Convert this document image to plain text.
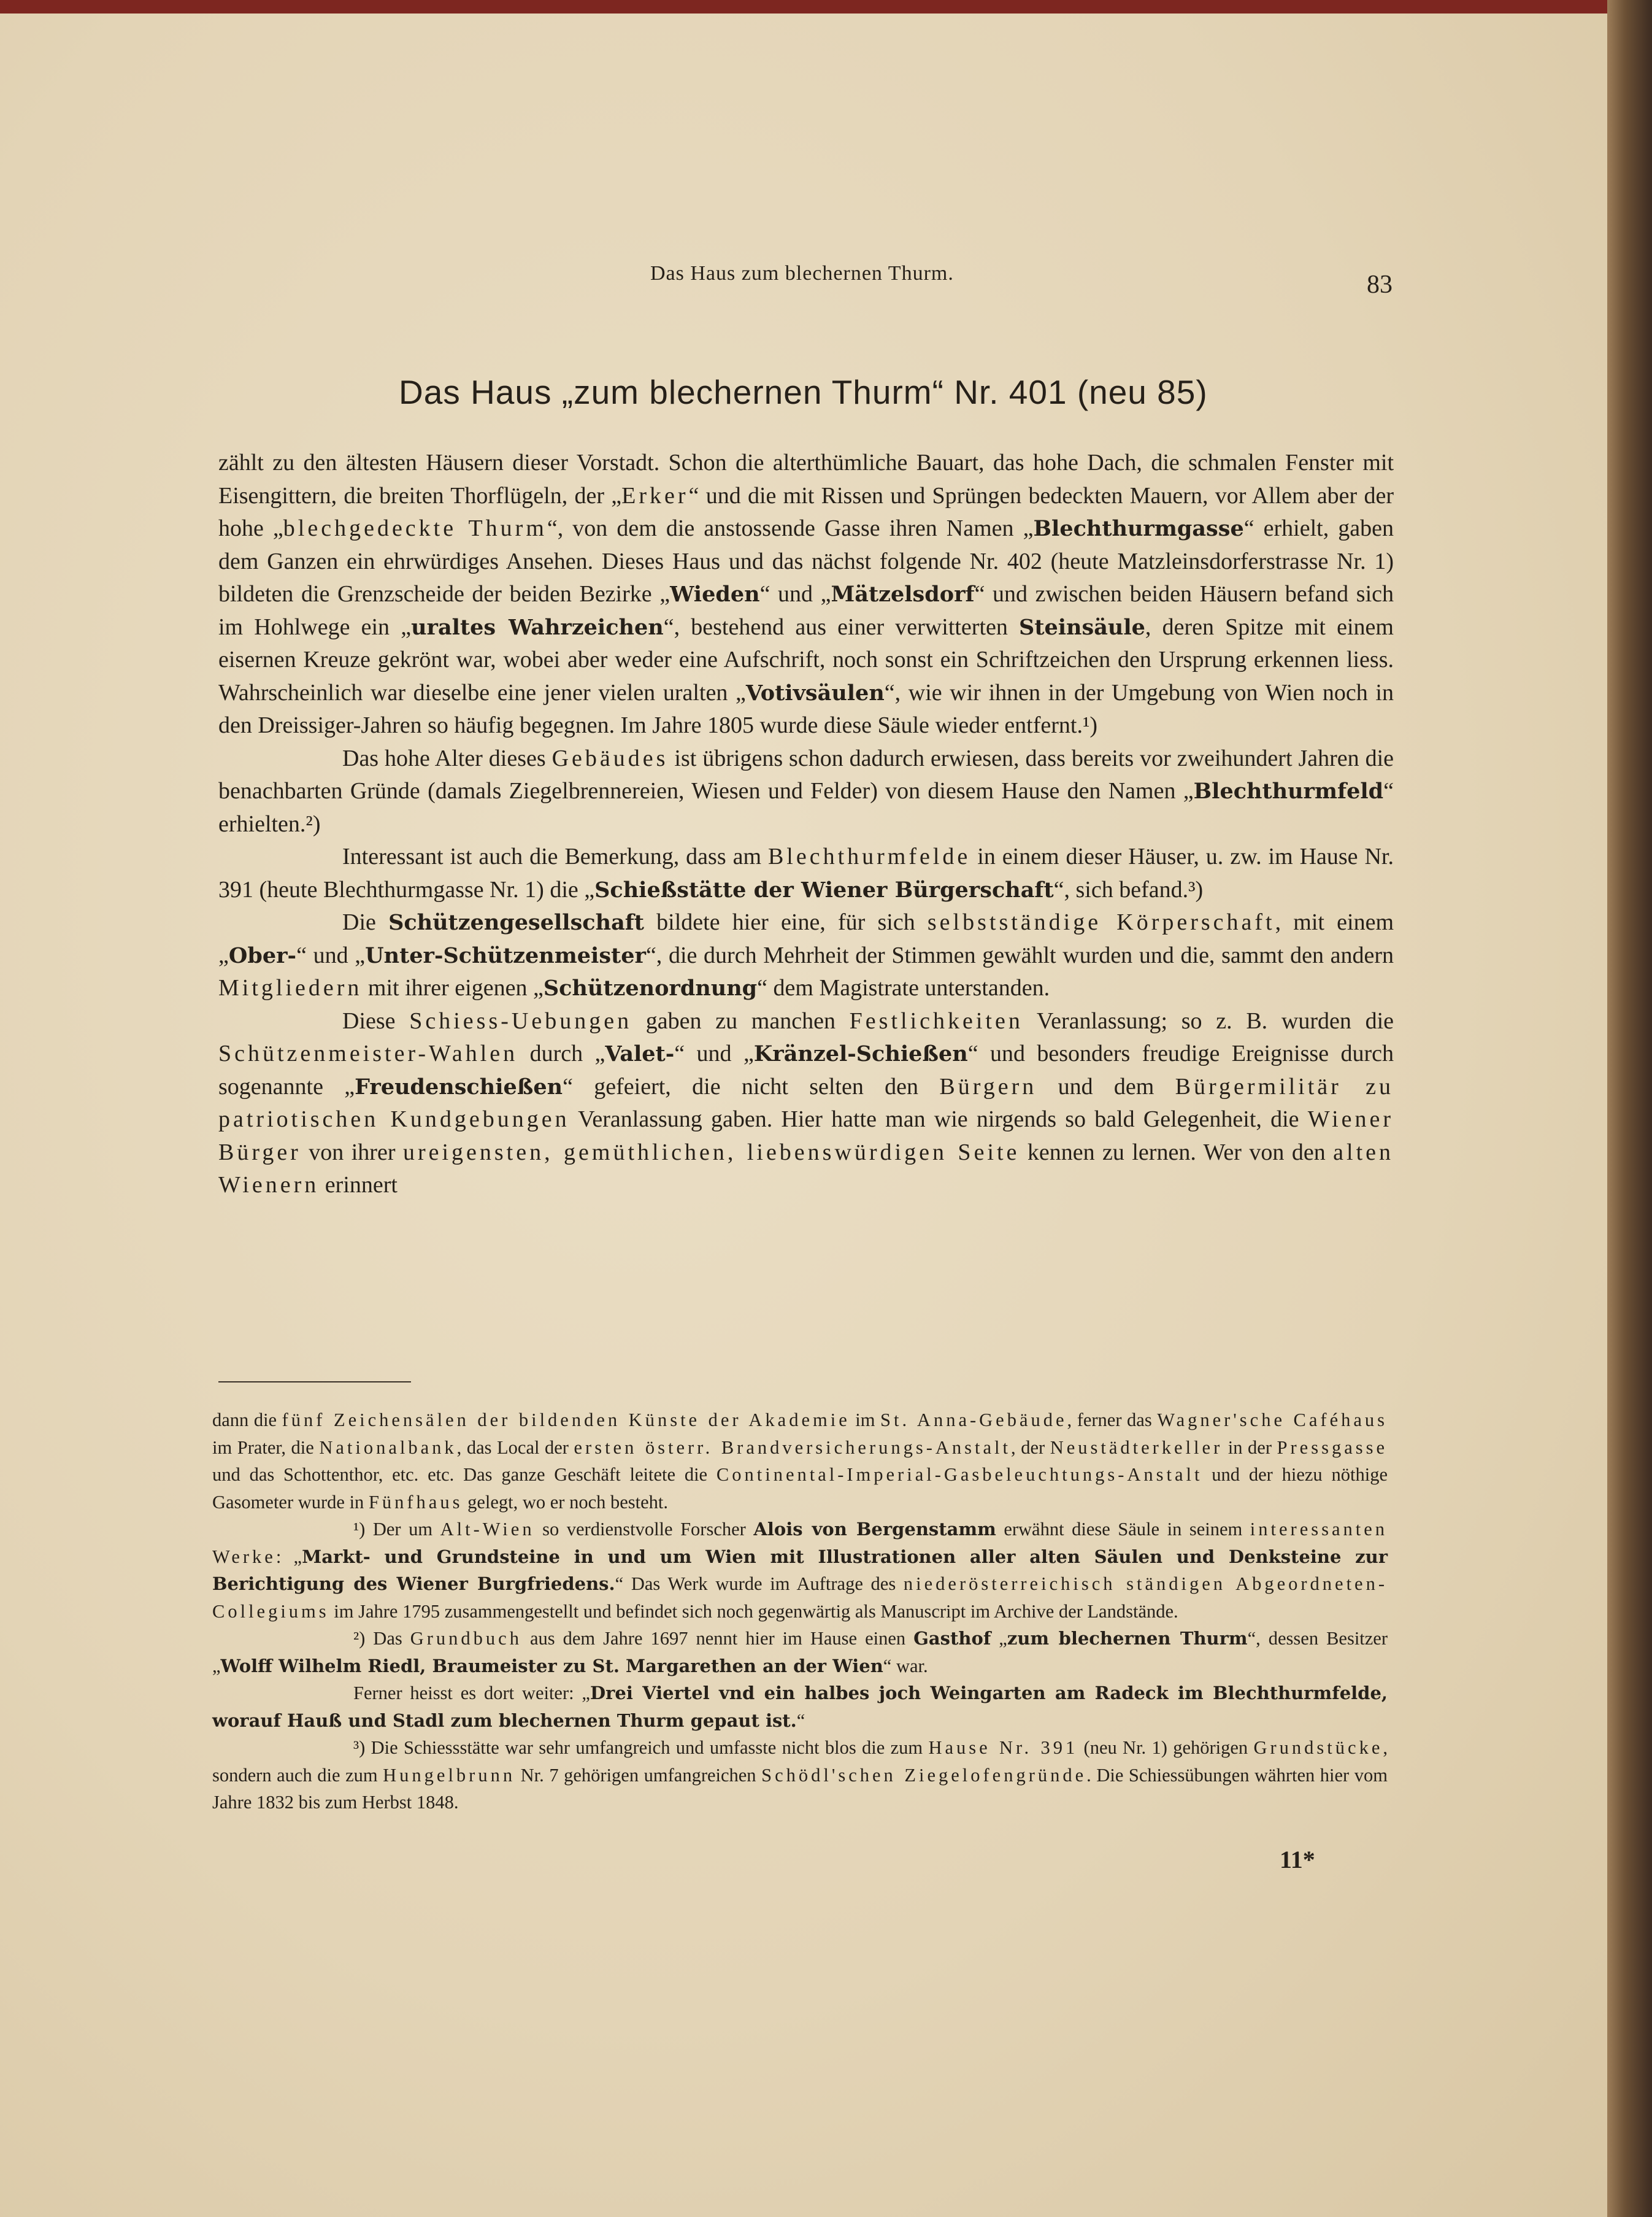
Das Haus zum blechernen Thurm.	83
Das Haus „zum blechernen Thurm“ Nr. 401 (neu 85)

zählt zu den ältesten Häusern dieser Vorstadt. Schon die alterthümliche Bauart, das hohe Dach, die schmalen Fenster mit Eisengittern, die breiten Thorflügeln, der „Erker“ und die mit Rissen und Sprüngen bedeckten Mauern, vor Allem aber der hohe „blechgedeckte Thurm“, von dem die anstossende Gasse ihren Namen „Blechthurmgasse“ erhielt, gaben dem Ganzen ein ehrwürdiges Ansehen. Dieses Haus und das nächst folgende Nr. 402 (heute Matzleinsdorferstrasse Nr. 1) bildeten die Grenzscheide der beiden Bezirke „Wieden“ und „Mätzelsdorf“ und zwischen beiden Häusern befand sich im Hohlwege ein „uraltes Wahrzeichen“, bestehend aus einer verwitterten Steinsäule, deren Spitze mit einem eisernen Kreuze gekrönt war, wobei aber weder eine Aufschrift, noch sonst ein Schriftzeichen den Ursprung erkennen liess. Wahrscheinlich war dieselbe eine jener vielen uralten „Votivsäulen“, wie wir ihnen in der Umgebung von Wien noch in den Dreissiger-Jahren so häufig begegnen. Im Jahre 1805 wurde diese Säule wieder entfernt.¹)

Das hohe Alter dieses Gebäudes ist übrigens schon dadurch erwiesen, dass bereits vor zweihundert Jahren die benachbarten Gründe (damals Ziegelbrennereien, Wiesen und Felder) von diesem Hause den Namen „Blechthurmfeld“ erhielten.²)

Interessant ist auch die Bemerkung, dass am Blechthurmfelde in einem dieser Häuser, u. zw. im Hause Nr. 391 (heute Blechthurmgasse Nr. 1) die „Schießstätte der Wiener Bürgerschaft“, sich befand.³)

Die Schützengesellschaft bildete hier eine, für sich selbstständige Körperschaft, mit einem „Ober-“ und „Unter-Schützenmeister“, die durch Mehrheit der Stimmen gewählt wurden und die, sammt den andern Mitgliedern mit ihrer eigenen „Schützenordnung“ dem Magistrate unterstanden.

Diese Schiess-Uebungen gaben zu manchen Festlichkeiten Veranlassung; so z. B. wurden die Schützenmeister-Wahlen durch „Valet-“ und „Kränzel-Schießen“ und besonders freudige Ereignisse durch sogenannte „Freudenschießen“ gefeiert, die nicht selten den Bürgern und dem Bürgermilitär zu patriotischen Kundgebungen Veranlassung gaben. Hier hatte man wie nirgends so bald Gelegenheit, die Wiener Bürger von ihrer ureigensten, gemüthlichen, liebenswürdigen Seite kennen zu lernen. Wer von den alten Wienern erinnert

dann die fünf Zeichensälen der bildenden Künste der Akademie im St. Anna-Gebäude, ferner das Wagner'sche Caféhaus im Prater, die Nationalbank, das Local der ersten österr. Brandversicherungs-Anstalt, der Neustädterkeller in der Pressgasse und das Schottenthor, etc. etc. Das ganze Geschäft leitete die Continental-Imperial-Gasbeleuchtungs-Anstalt und der hiezu nöthige Gasometer wurde in Fünfhaus gelegt, wo er noch besteht.

¹) Der um Alt-Wien so verdienstvolle Forscher Alois von Bergenstamm erwähnt diese Säule in seinem interessanten Werke: „Markt- und Grundsteine in und um Wien mit Illustrationen aller alten Säulen und Denksteine zur Berichtigung des Wiener Burgfriedens.“ Das Werk wurde im Auftrage des niederösterreichisch ständigen Abgeordneten-Collegiums im Jahre 1795 zusammengestellt und befindet sich noch gegenwärtig als Manuscript im Archive der Landstände.

²) Das Grundbuch aus dem Jahre 1697 nennt hier im Hause einen Gasthof „zum blechernen Thurm“, dessen Besitzer „Wolff Wilhelm Riedl, Braumeister zu St. Margarethen an der Wien“ war.

Ferner heisst es dort weiter: „Drei Viertel vnd ein halbes joch Weingarten am Radeck im Blechthurmfelde, worauf Hauß und Stadl zum blechernen Thurm gepaut ist.“

³) Die Schiessstätte war sehr umfangreich und umfasste nicht blos die zum Hause Nr. 391 (neu Nr. 1) gehörigen Grundstücke, sondern auch die zum Hungelbrunn Nr. 7 gehörigen umfangreichen Schödl'schen Ziegelofengründe. Die Schiessübungen währten hier vom Jahre 1832 bis zum Herbst 1848.

11*
